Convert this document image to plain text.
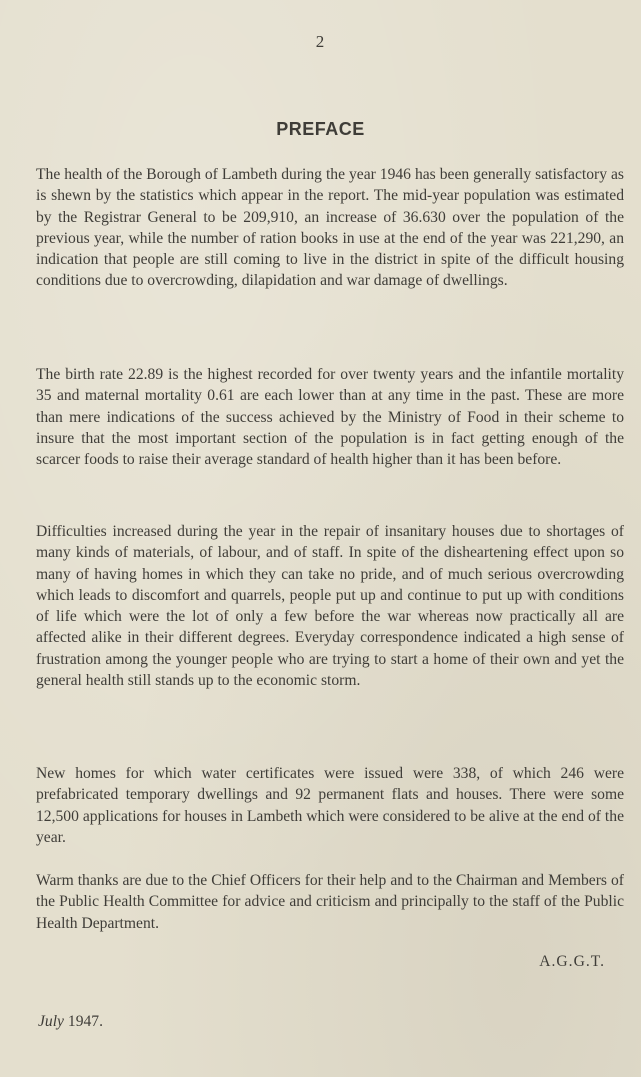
2
PREFACE

The health of the Borough of Lambeth during the year 1946 has been generally satisfactory as is shewn by the statistics which appear in the report. The mid-year population was estimated by the Registrar General to be 209,910, an increase of 36.630 over the population of the previous year, while the number of ration books in use at the end of the year was 221,290, an indication that people are still coming to live in the district in spite of the difficult housing conditions due to overcrowding, dilapidation and war damage of dwellings.

The birth rate 22.89 is the highest recorded for over twenty years and the infantile mortality 35 and maternal mortality 0.61 are each lower than at any time in the past. These are more than mere indications of the success achieved by the Ministry of Food in their scheme to insure that the most important section of the population is in fact getting enough of the scarcer foods to raise their average standard of health higher than it has been before.

Difficulties increased during the year in the repair of insanitary houses due to shortages of many kinds of materials, of labour, and of staff. In spite of the disheartening effect upon so many of having homes in which they can take no pride, and of much serious overcrowding which leads to discomfort and quarrels, people put up and continue to put up with conditions of life which were the lot of only a few before the war whereas now practically all are affected alike in their different degrees. Everyday correspondence indicated a high sense of frustration among the younger people who are trying to start a home of their own and yet the general health still stands up to the economic storm.

New homes for which water certificates were issued were 338, of which 246 were prefabricated temporary dwellings and 92 permanent flats and houses. There were some 12,500 applications for houses in Lambeth which were considered to be alive at the end of the year.

Warm thanks are due to the Chief Officers for their help and to the Chairman and Members of the Public Health Committee for advice and criticism and principally to the staff of the Public Health Department.

A.G.G.T.
July 1947.
